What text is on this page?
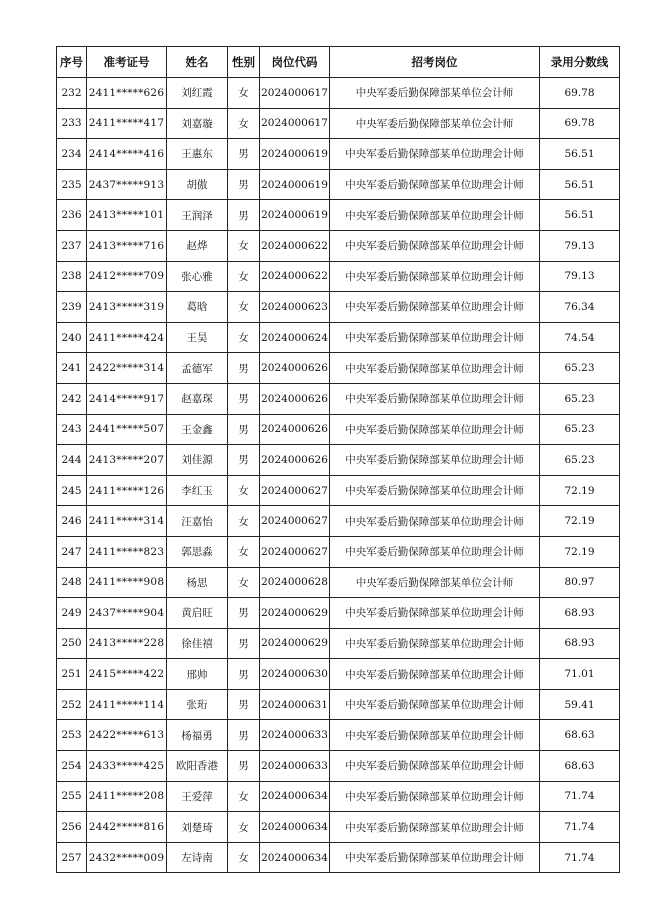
序号	准考证号	姓名	性别	岗位代码	招考岗位	录用分数线
232	2411*****626	刘红霞	女	2024000617	中央军委后勤保障部某单位会计师	69.78
233	2411*****417	刘嘉璇	女	2024000617	中央军委后勤保障部某单位会计师	69.78
234	2414*****416	王惠东	男	2024000619	中央军委后勤保障部某单位助理会计师	56.51
235	2437*****913	胡傲	男	2024000619	中央军委后勤保障部某单位助理会计师	56.51
236	2413*****101	王润泽	男	2024000619	中央军委后勤保障部某单位助理会计师	56.51
237	2413*****716	赵烨	女	2024000622	中央军委后勤保障部某单位助理会计师	79.13
238	2412*****709	张心雅	女	2024000622	中央军委后勤保障部某单位助理会计师	79.13
239	2413*****319	葛晗	女	2024000623	中央军委后勤保障部某单位助理会计师	76.34
240	2411*****424	王昊	女	2024000624	中央军委后勤保障部某单位助理会计师	74.54
241	2422*****314	孟德军	男	2024000626	中央军委后勤保障部某单位助理会计师	65.23
242	2414*****917	赵嘉琛	男	2024000626	中央军委后勤保障部某单位助理会计师	65.23
243	2441*****507	王金鑫	男	2024000626	中央军委后勤保障部某单位助理会计师	65.23
244	2413*****207	刘佳源	男	2024000626	中央军委后勤保障部某单位助理会计师	65.23
245	2411*****126	李红玉	女	2024000627	中央军委后勤保障部某单位助理会计师	72.19
246	2411*****314	汪嘉怡	女	2024000627	中央军委后勤保障部某单位助理会计师	72.19
247	2411*****823	郭思淼	女	2024000627	中央军委后勤保障部某单位助理会计师	72.19
248	2411*****908	杨思	女	2024000628	中央军委后勤保障部某单位会计师	80.97
249	2437*****904	黄启旺	男	2024000629	中央军委后勤保障部某单位助理会计师	68.93
250	2413*****228	徐佳禧	男	2024000629	中央军委后勤保障部某单位助理会计师	68.93
251	2415*****422	邢帅	男	2024000630	中央军委后勤保障部某单位助理会计师	71.01
252	2411*****114	张珩	男	2024000631	中央军委后勤保障部某单位助理会计师	59.41
253	2422*****613	杨福勇	男	2024000633	中央军委后勤保障部某单位助理会计师	68.63
254	2433*****425	欧阳香港	男	2024000633	中央军委后勤保障部某单位助理会计师	68.63
255	2411*****208	王爱萍	女	2024000634	中央军委后勤保障部某单位助理会计师	71.74
256	2442*****816	刘楚琦	女	2024000634	中央军委后勤保障部某单位助理会计师	71.74
257	2432*****009	左诗南	女	2024000634	中央军委后勤保障部某单位助理会计师	71.74
